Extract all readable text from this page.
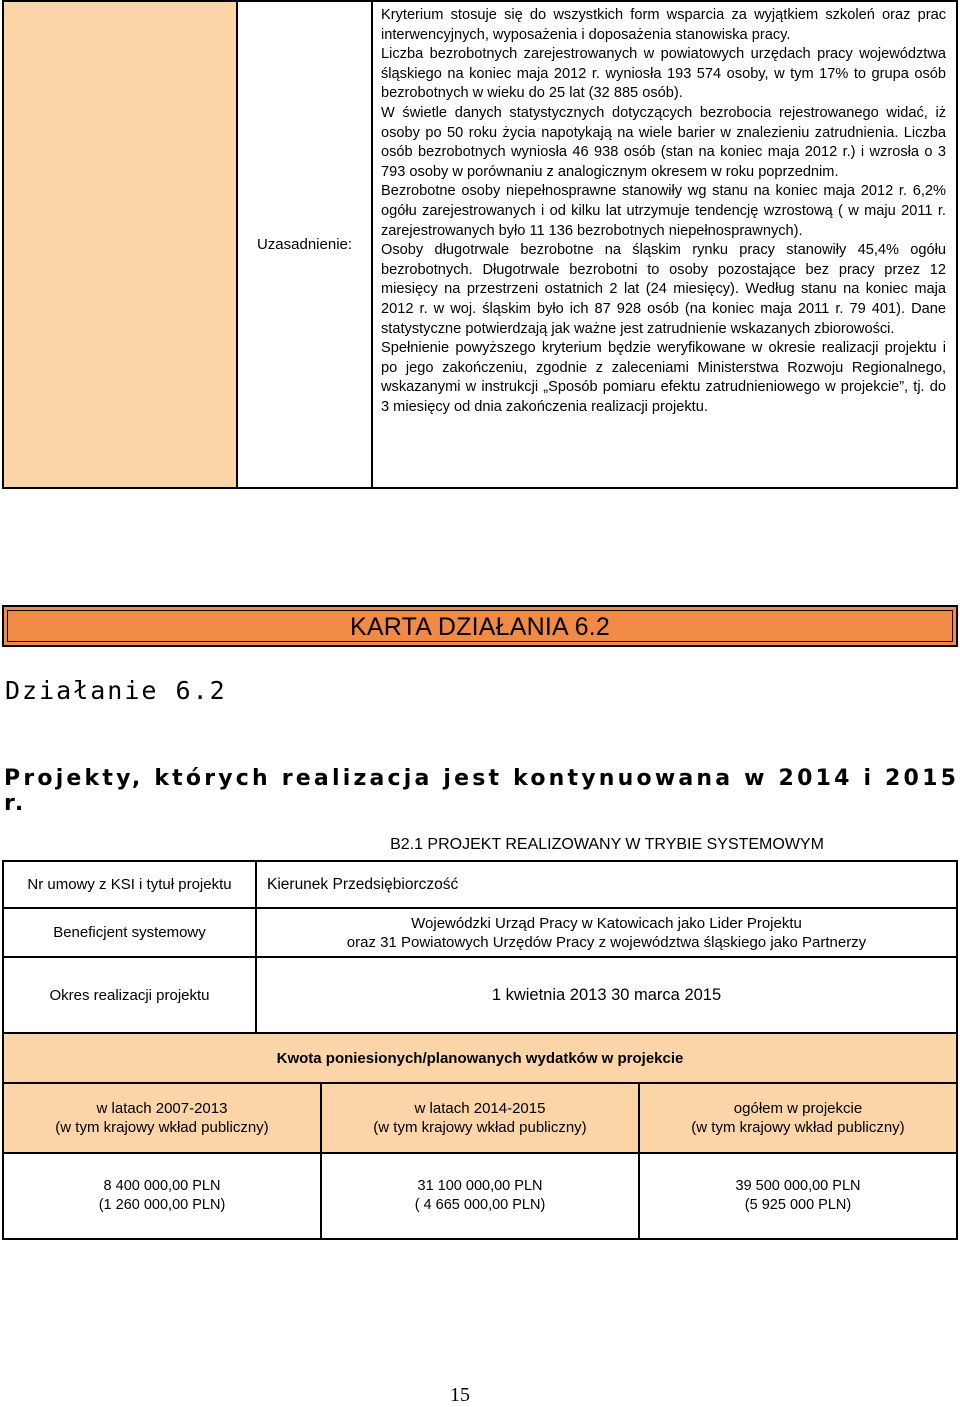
Uzasadnienie:

Kryterium stosuje się do wszystkich form wsparcia za wyjątkiem szkoleń oraz prac interwencyjnych, wyposażenia i doposażenia stanowiska pracy.

Liczba bezrobotnych zarejestrowanych w powiatowych urzędach pracy województwa śląskiego na koniec maja 2012 r. wyniosła 193 574 osoby, w tym 17% to grupa osób bezrobotnych w wieku do 25 lat (32 885 osób).

W świetle danych statystycznych dotyczących bezrobocia rejestrowanego widać, iż osoby po 50 roku życia napotykają na wiele barier w znalezieniu zatrudnienia. Liczba osób bezrobotnych wyniosła 46 938 osób (stan na koniec maja 2012 r.) i wzrosła o 3 793 osoby w porównaniu z analogicznym okresem w roku poprzednim.

Bezrobotne osoby niepełnosprawne stanowiły wg stanu na koniec maja 2012 r. 6,2% ogółu zarejestrowanych i od kilku lat utrzymuje tendencję wzrostową ( w maju 2011 r. zarejestrowanych było 11 136 bezrobotnych niepełnosprawnych).

Osoby długotrwale bezrobotne na śląskim rynku pracy stanowiły 45,4% ogółu bezrobotnych. Długotrwale bezrobotni to osoby pozostające bez pracy przez 12 miesięcy na przestrzeni ostatnich 2 lat (24 miesięcy). Według stanu na koniec maja 2012 r. w woj. śląskim było ich 87 928 osób (na koniec maja 2011 r. 79 401). Dane statystyczne potwierdzają jak ważne jest zatrudnienie wskazanych zbiorowości.

Spełnienie powyższego kryterium będzie weryfikowane w okresie realizacji projektu i po jego zakończeniu, zgodnie z zaleceniami Ministerstwa Rozwoju Regionalnego, wskazanymi w instrukcji „Sposób pomiaru efektu zatrudnieniowego w projekcie”, tj. do 3 miesięcy od dnia zakończenia realizacji projektu.

KARTA DZIAŁANIA 6.2
Działanie 6.2
Projekty, których realizacja jest kontynuowana w 2014 i 2015 r.
B2.1 PROJEKT REALIZOWANY W TRYBIE SYSTEMOWYM
Nr umowy z KSI i tytuł projektu	Kierunek Przedsiębiorczość
Beneficjent systemowy
Wojewódzki Urząd Pracy w Katowicach jako Lider Projektu
oraz 31 Powiatowych Urzędów Pracy z województwa śląskiego jako Partnerzy
Okres realizacji projektu	1 kwietnia 2013 30 marca 2015
Kwota poniesionych/planowanych wydatków w projekcie
w latach 2007-2013
(w tym krajowy wkład publiczny)
w latach 2014-2015
(w tym krajowy wkład publiczny)
ogółem w projekcie
(w tym krajowy wkład publiczny)
8 400 000,00 PLN
(1 260 000,00 PLN)
31 100 000,00 PLN
( 4 665 000,00 PLN)
39 500 000,00 PLN
(5 925 000 PLN)
15
